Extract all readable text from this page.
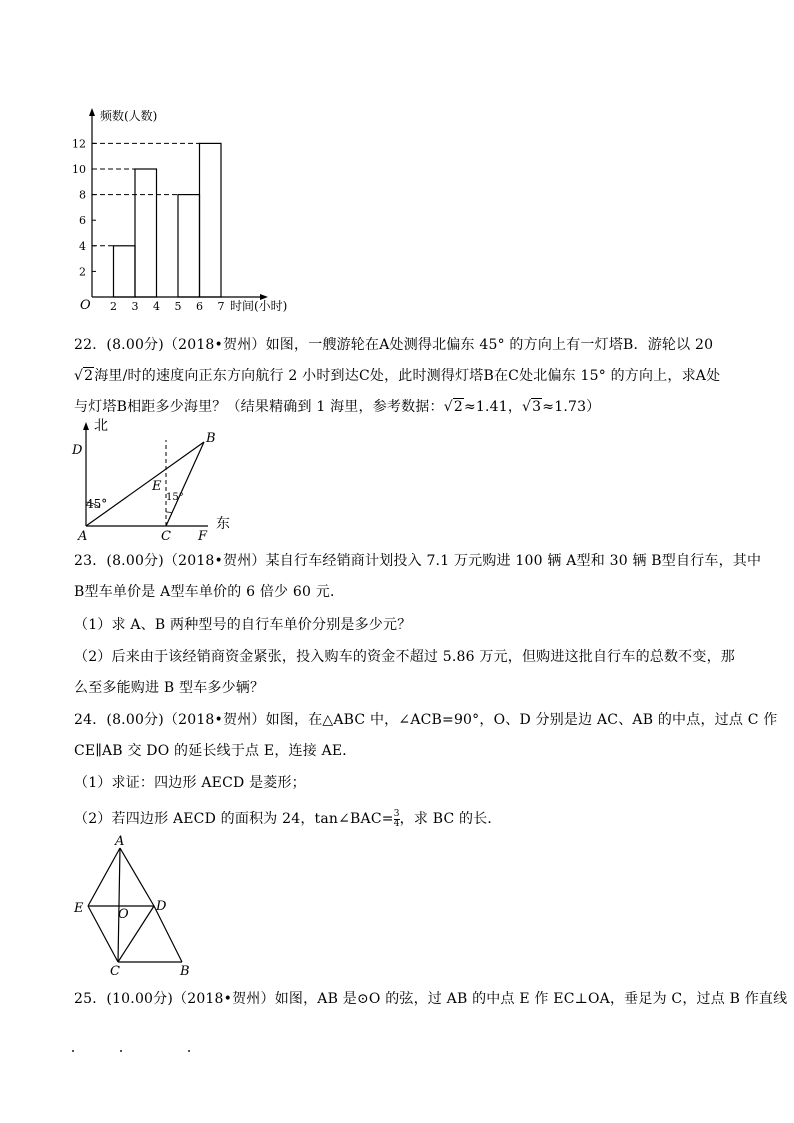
频数(人数)
时间(小时)
O
2
4
6
8
10
12
2 3 4 5 6 7
22．(8.00分)（2018•贺州）如图，一艘游轮在A处测得北偏东 45° 的方向上有一灯塔B．游轮以 20
√2海里/时的速度向正东方向航行 2 小时到达C处，此时测得灯塔B在C处北偏东 15° 的方向上，求A处
与灯塔B相距多少海里？（结果精确到 1 海里，参考数据：√2≈1.41，√3≈1.73）
北
D
45°
B
E
15°
A	C F
东
23．(8.00分)（2018•贺州）某自行车经销商计划投入 7.1 万元购进 100 辆 A型和 30 辆 B型自行车，其中
B型车单价是 A型车单价的 6 倍少 60 元．
（1）求 A、B 两种型号的自行车单价分别是多少元？
（2）后来由于该经销商资金紧张，投入购车的资金不超过 5.86 万元，但购进这批自行车的总数不变，那
么至多能购进 B 型车多少辆？
24．(8.00分)（2018•贺州）如图，在△ABC 中，∠ACB=90°，O、D 分别是边 AC、AB 的中点，过点 C 作
CE∥AB 交 DO 的延长线于点 E，连接 AE．
（1）求证：四边形 AECD 是菱形；
（2）若四边形 AECD 的面积为 24，tan∠BAC= $\frac{3}{4}$ ，求 BC 的长．
A
E	O
D
C	B
25．(10.00分)（2018•贺州）如图，AB 是⊙O 的弦，过 AB 的中点 E 作 EC⊥OA，垂足为 C，过点 B 作直线
